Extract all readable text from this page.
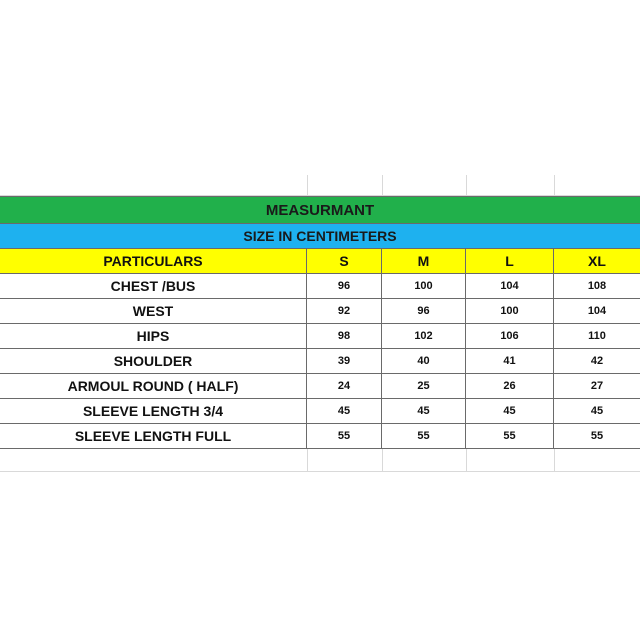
MEASURMANT
SIZE IN CENTIMETERS
PARTICULARS	S	M	L	XL
CHEST /BUS	96	100	104	108
WEST	92	96	100	104
HIPS	98	102	106	110
SHOULDER	39	40	41	42
ARMOUL ROUND ( HALF)	24	25	26	27
SLEEVE LENGTH 3/4	45	45	45	45
SLEEVE LENGTH FULL	55	55	55	55
